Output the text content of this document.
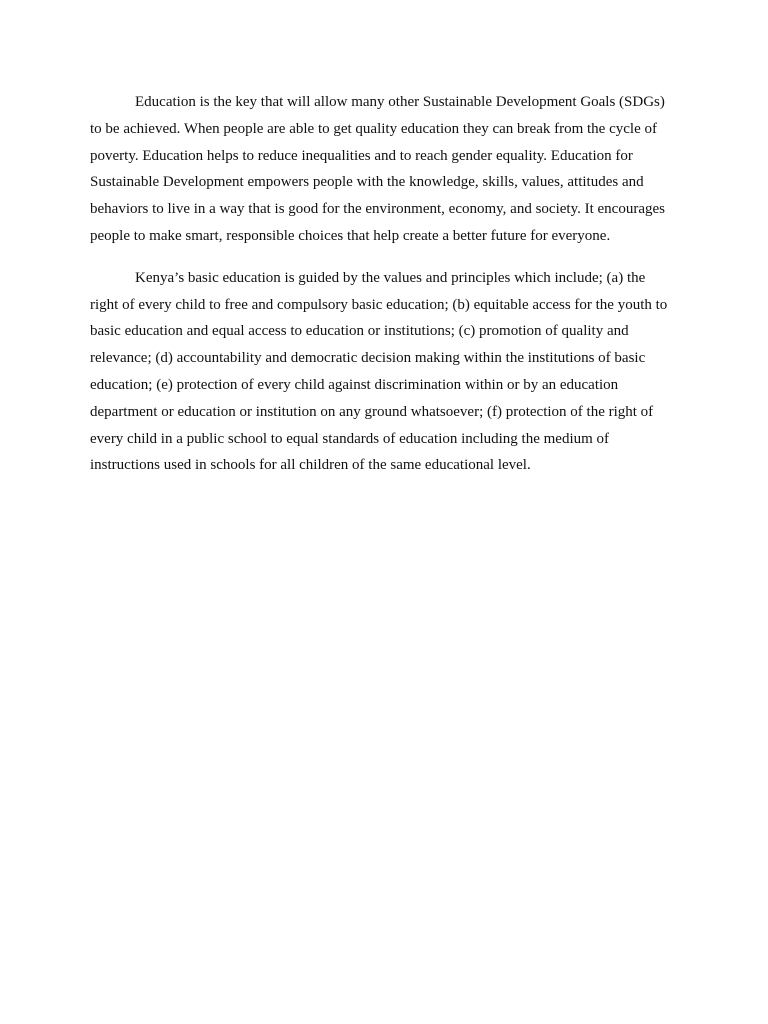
Education is the key that will allow many other Sustainable Development Goals (SDGs)
to be achieved. When people are able to get quality education they can break from the cycle of
poverty. Education helps to reduce inequalities and to reach gender equality. Education for
Sustainable Development empowers people with the knowledge, skills, values, attitudes and
behaviors to live in a way that is good for the environment, economy, and society. It encourages
people to make smart, responsible choices that help create a better future for everyone.

Kenya’s basic education is guided by the values and principles which include; (a) the
right of every child to free and compulsory basic education; (b) equitable access for the youth to
basic education and equal access to education or institutions; (c) promotion of quality and
relevance; (d) accountability and democratic decision making within the institutions of basic
education; (e) protection of every child against discrimination within or by an education
department or education or institution on any ground whatsoever; (f) protection of the right of
every child in a public school to equal standards of education including the medium of
instructions used in schools for all children of the same educational level.
